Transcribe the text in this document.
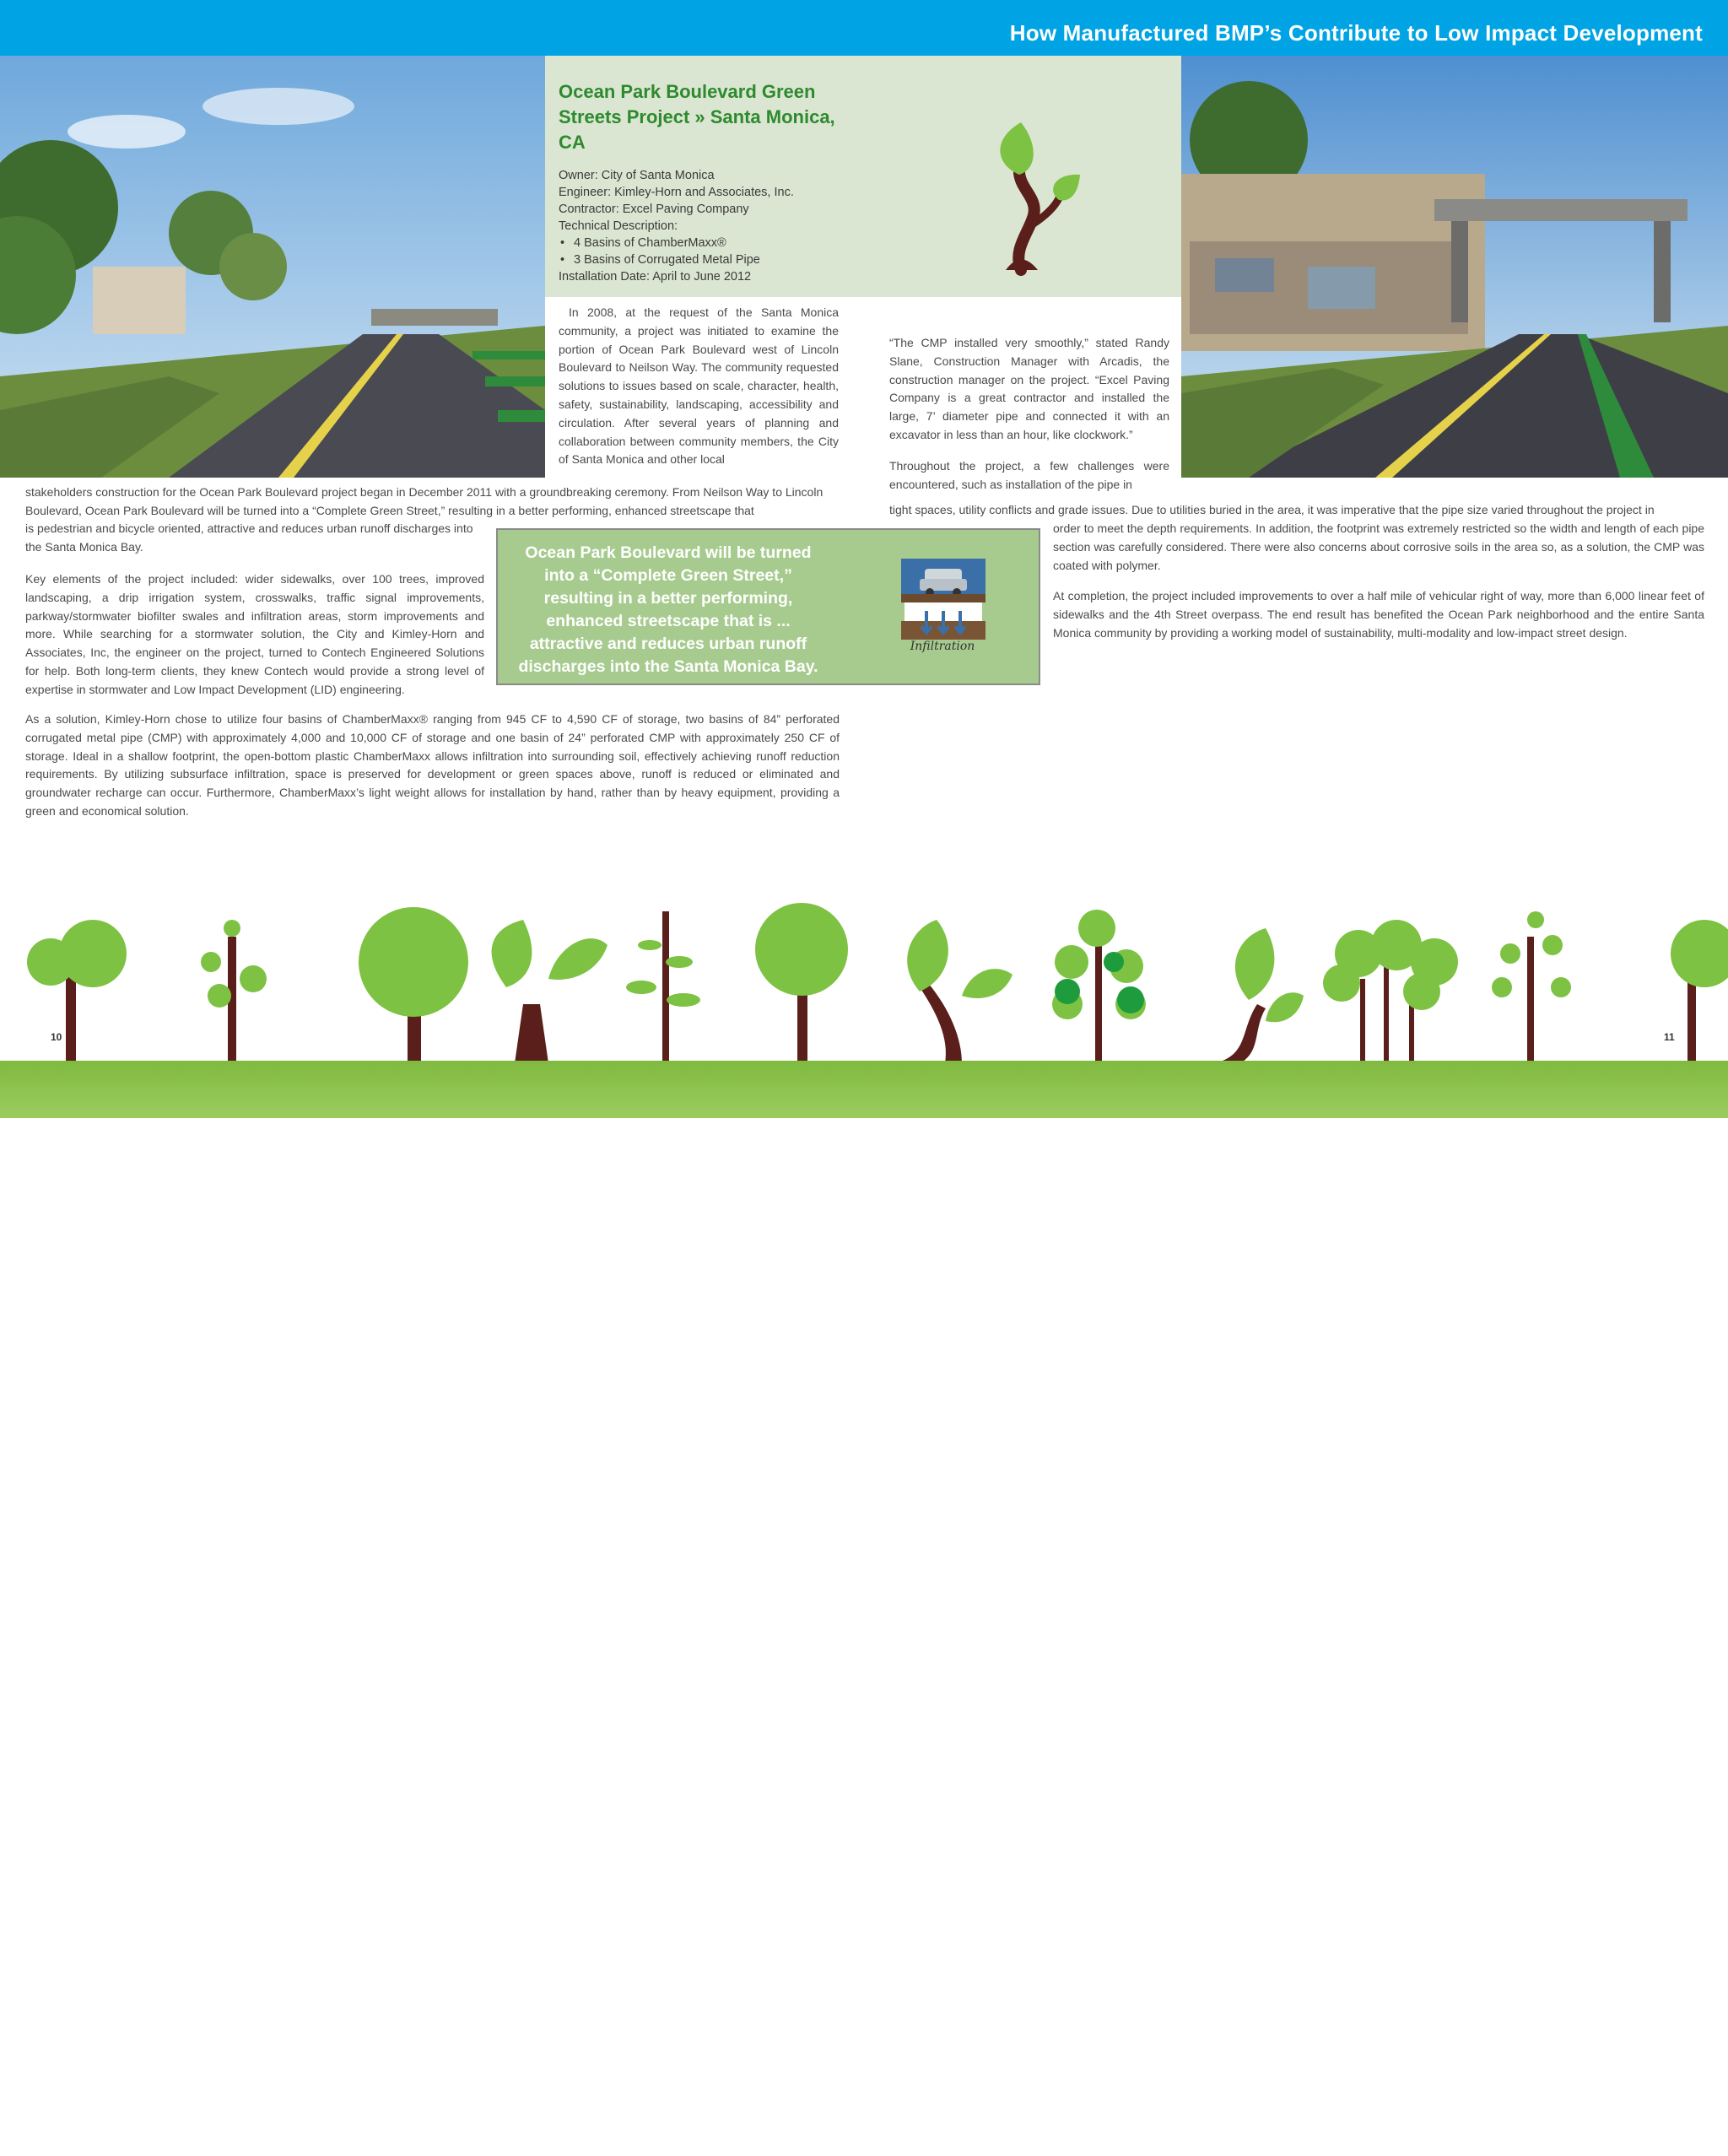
How Manufactured BMP’s Contribute to Low Impact Development
Ocean Park Boulevard Green Streets Project » Santa Monica, CA
Owner: City of Santa Monica
Engineer: Kimley-Horn and Associates, Inc.
Contractor: Excel Paving Company
Technical Description:
• 4 Basins of ChamberMaxx®
• 3 Basins of Corrugated Metal Pipe
Installation Date: April to June 2012
In 2008, at the request of the Santa Monica community, a project was initiated to examine the portion of Ocean Park Boulevard west of Lincoln Boulevard to Neilson Way. The community requested solutions to issues based on scale, character, health, safety, sustainability, landscaping, accessibility and circulation. After several years of planning and collaboration between community members, the City of Santa Monica and other local
stakeholders construction for the Ocean Park Boulevard project began in December 2011 with a groundbreaking ceremony. From Neilson Way to Lincoln Boulevard, Ocean Park Boulevard will be turned into a “Complete Green Street,” resulting in a better performing, enhanced streetscape that
is pedestrian and bicycle oriented, attractive and reduces urban runoff discharges into the Santa Monica Bay.
Key elements of the project included: wider sidewalks, over 100 trees, improved landscaping, a drip irrigation system, crosswalks, traffic signal improvements, parkway/stormwater biofilter swales and infiltration areas, storm improvements and more. While searching for a stormwater solution, the City and Kimley-Horn and Associates, Inc, the engineer on the project, turned to Contech Engineered Solutions for help. Both long-term clients, they knew Contech would provide a strong level of expertise in stormwater and Low Impact Development (LID) engineering.
As a solution, Kimley-Horn chose to utilize four basins of ChamberMaxx® ranging from 945 CF to 4,590 CF of storage, two basins of 84” perforated corrugated metal pipe (CMP) with approximately 4,000 and 10,000 CF of storage and one basin of 24” perforated CMP with approximately 250 CF of storage. Ideal in a shallow footprint, the open-bottom plastic ChamberMaxx allows infiltration into surrounding soil, effectively achieving runoff reduction requirements. By utilizing subsurface infiltration, space is preserved for development or green spaces above, runoff is reduced or eliminated and groundwater recharge can occur. Furthermore, ChamberMaxx’s light weight allows for installation by hand, rather than by heavy equipment, providing a green and economical solution.
“The CMP installed very smoothly,” stated Randy Slane, Construction Manager with Arcadis, the construction manager on the project. “Excel Paving Company is a great contractor and installed the large, 7’ diameter pipe and connected it with an excavator in less than an hour, like clockwork.”
Throughout the project, a few challenges were encountered, such as installation of the pipe in
tight spaces, utility conflicts and grade issues. Due to utilities buried in the area, it was imperative that the pipe size varied throughout the project in
order to meet the depth requirements. In addition, the footprint was extremely restricted so the width and length of each pipe section was carefully considered. There were also concerns about corrosive soils in the area so, as a solution, the CMP was coated with polymer.
At completion, the project included improvements to over a half mile of vehicular right of way, more than 6,000 linear feet of sidewalks and the 4th Street overpass. The end result has benefited the Ocean Park neighborhood and the entire Santa Monica community by providing a working model of sustainability, multi-modality and low-impact street design.
Ocean Park Boulevard will be turned into a “Complete Green Street,” resulting in a better performing, enhanced streetscape that is ... attractive and reduces urban runoff discharges into the Santa Monica Bay.
Infiltration
2014 | www.ContechES.com/Stormwater-Blog
10	11
